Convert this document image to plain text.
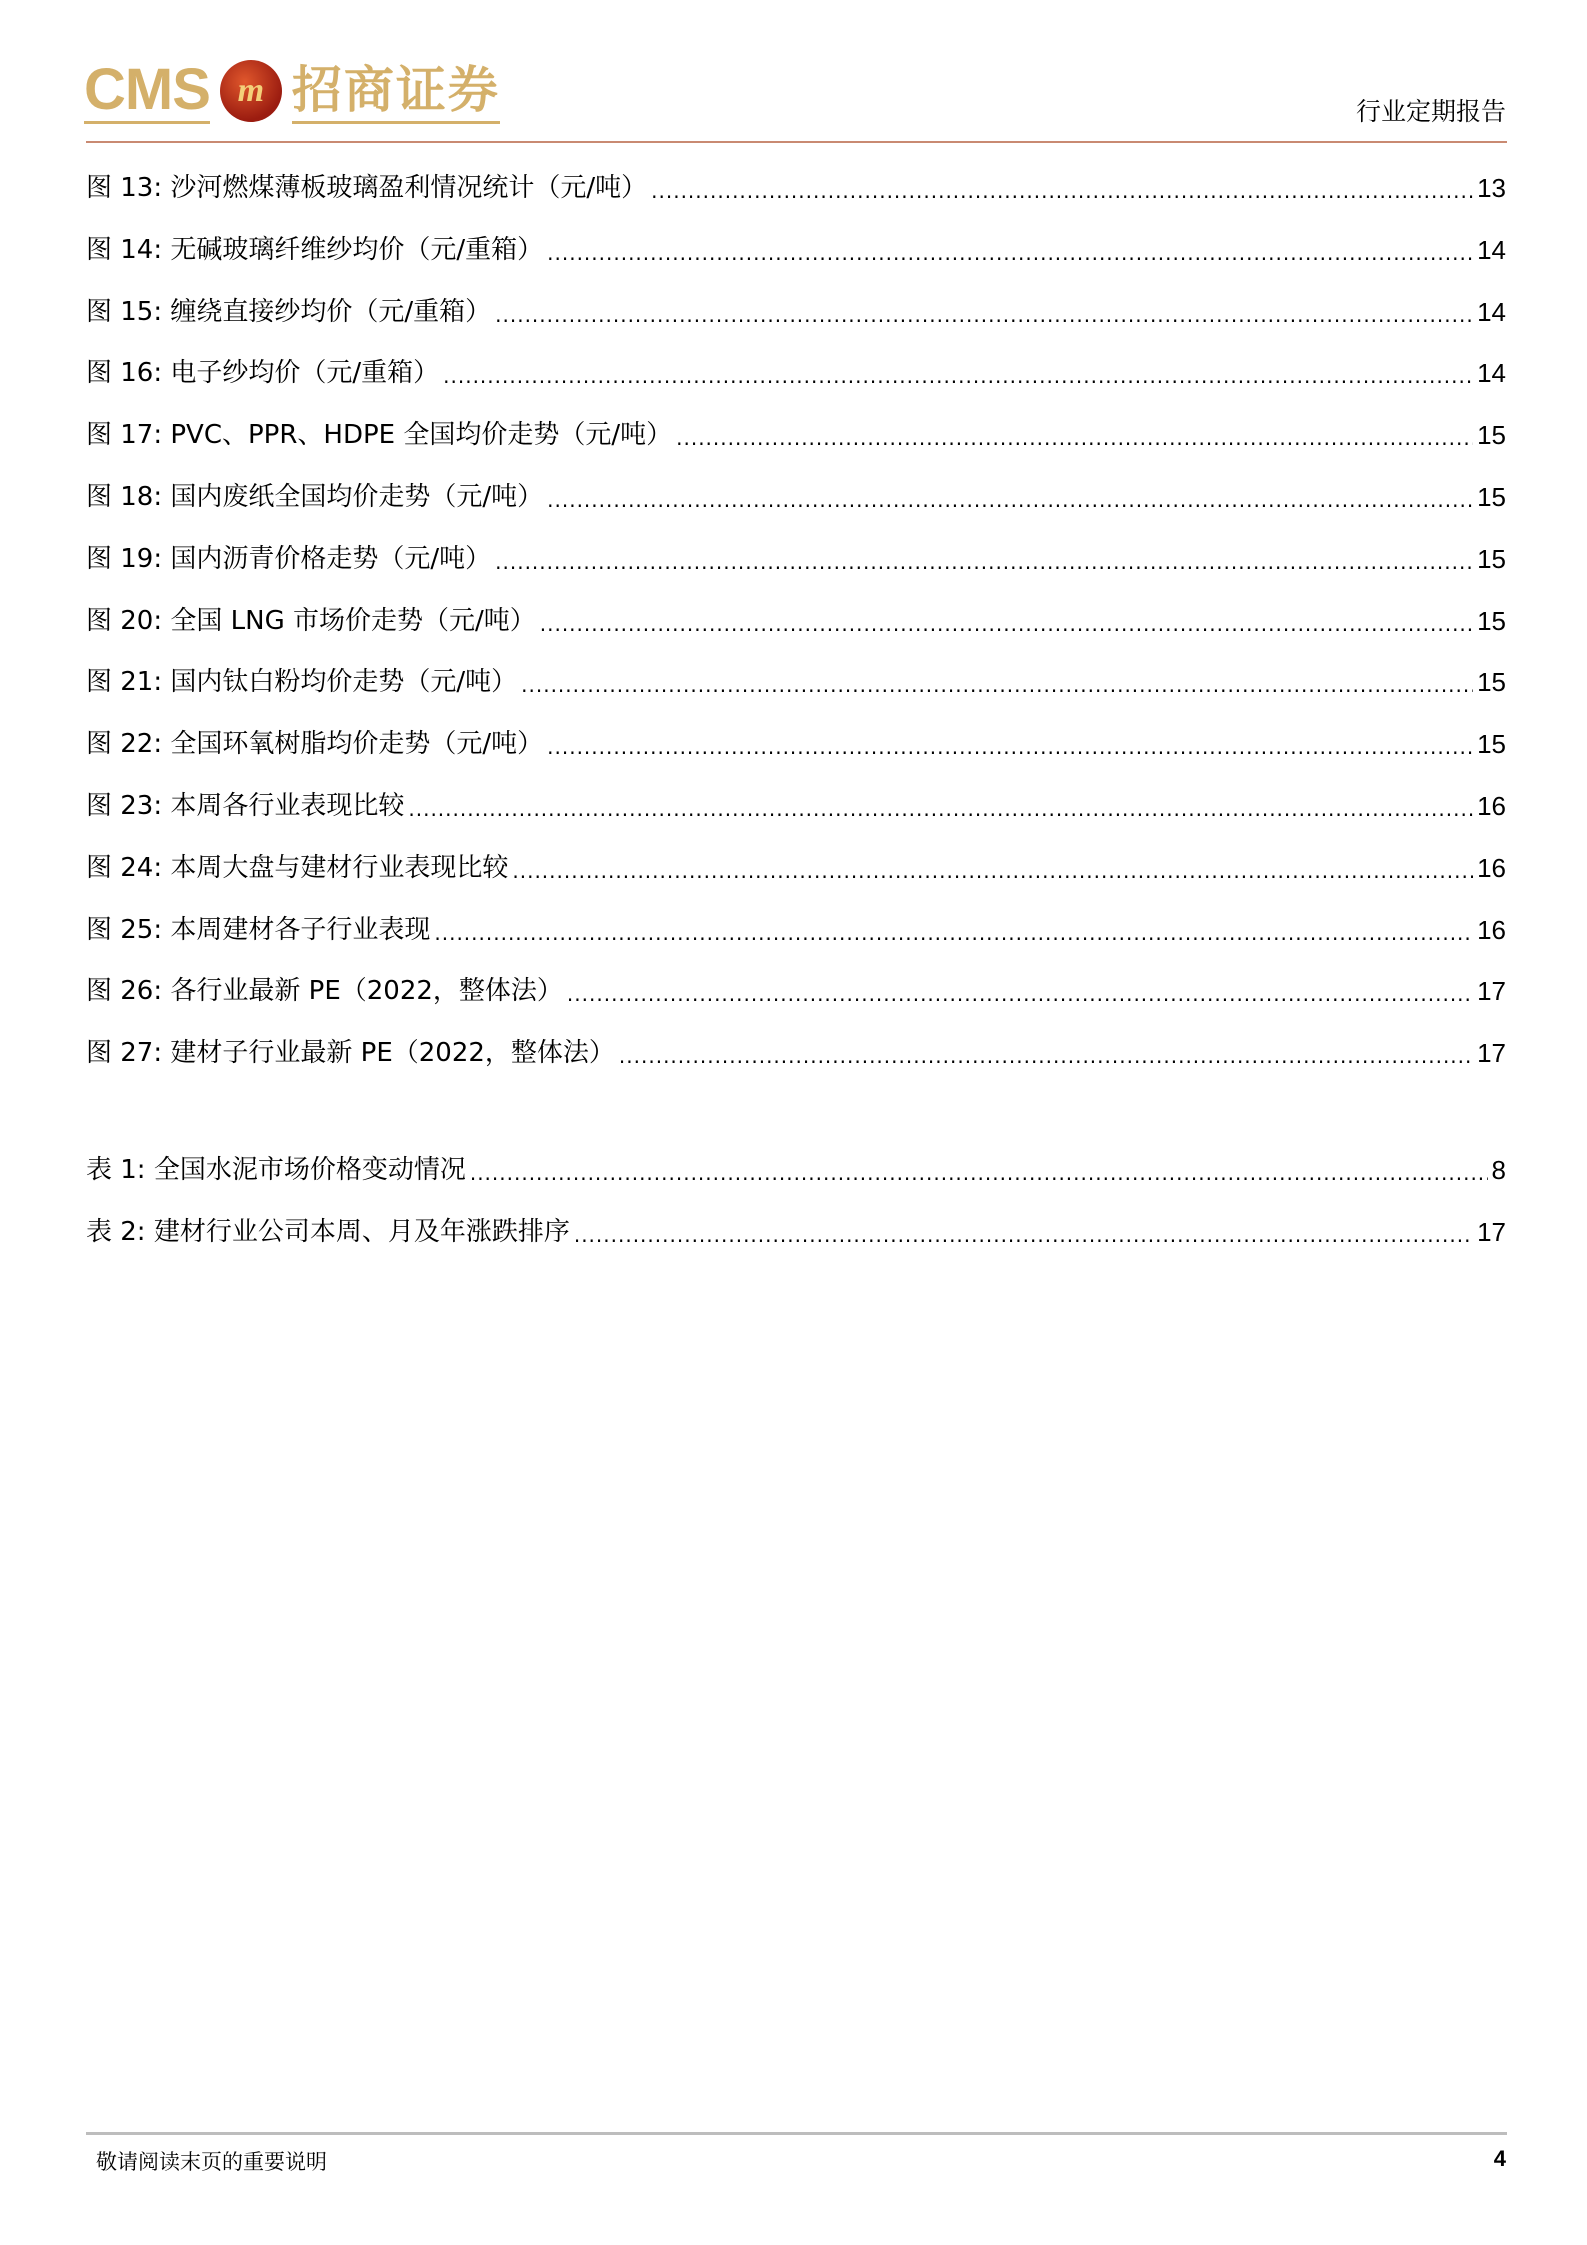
CMS m 招商证券	行业定期报告
图 13: 沙河燃煤薄板玻璃盈利情况统计（元/吨） .....	13
图 14: 无碱玻璃纤维纱均价（元/重箱） .....	14
图 15: 缠绕直接纱均价（元/重箱） .....	14
图 16: 电子纱均价（元/重箱） .....	14
图 17: PVC、PPR、HDPE 全国均价走势（元/吨） .....	15
图 18: 国内废纸全国均价走势（元/吨） .....	15
图 19: 国内沥青价格走势（元/吨） .....	15
图 20: 全国 LNG 市场价走势（元/吨） .....	15
图 21: 国内钛白粉均价走势（元/吨） .....	15
图 22: 全国环氧树脂均价走势（元/吨） .....	15
图 23: 本周各行业表现比较 .....	16
图 24: 本周大盘与建材行业表现比较 .....	16
图 25: 本周建材各子行业表现 .....	16
图 26: 各行业最新 PE（2022，整体法） .....	17
图 27: 建材子行业最新 PE（2022，整体法） .....	17
表 1: 全国水泥市场价格变动情况 .....	8
表 2: 建材行业公司本周、月及年涨跌排序 .....	17
敬请阅读末页的重要说明	4
